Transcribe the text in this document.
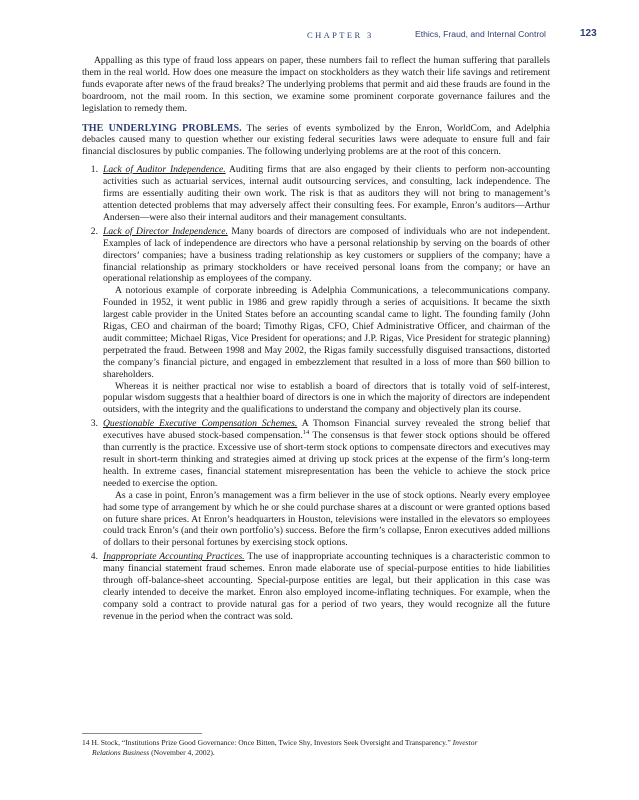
CHAPTER 3	Ethics, Fraud, and Internal Control	123

Appalling as this type of fraud loss appears on paper, these numbers fail to reflect the human suffering that parallels them in the real world. How does one measure the impact on stockholders as they watch their life savings and retirement funds evaporate after news of the fraud breaks? The underlying problems that permit and aid these frauds are found in the boardroom, not the mail room. In this section, we examine some prominent corporate governance failures and the legislation to remedy them.

THE UNDERLYING PROBLEMS. The series of events symbolized by the Enron, WorldCom, and Adelphia debacles caused many to question whether our existing federal securities laws were adequate to ensure full and fair financial disclosures by public companies. The following underlying problems are at the root of this concern.

1. Lack of Auditor Independence. Auditing firms that are also engaged by their clients to perform non-accounting activities such as actuarial services, internal audit outsourcing services, and consulting, lack independence. The firms are essentially auditing their own work. The risk is that as auditors they will not bring to management’s attention detected problems that may adversely affect their consulting fees. For example, Enron’s auditors—Arthur Andersen—were also their internal auditors and their management consultants.
2. Lack of Director Independence. Many boards of directors are composed of individuals who are not independent. Examples of lack of independence are directors who have a personal relationship by serving on the boards of other directors’ companies; have a business trading relationship as key customers or suppliers of the company; have a financial relationship as primary stockholders or have received personal loans from the company; or have an operational relationship as employees of the company.

A notorious example of corporate inbreeding is Adelphia Communications, a telecommunications company. Founded in 1952, it went public in 1986 and grew rapidly through a series of acquisitions. It became the sixth largest cable provider in the United States before an accounting scandal came to light. The founding family (John Rigas, CEO and chairman of the board; Timothy Rigas, CFO, Chief Administrative Officer, and chairman of the audit committee; Michael Rigas, Vice President for operations; and J.P. Rigas, Vice President for strategic planning) perpetrated the fraud. Between 1998 and May 2002, the Rigas family successfully disguised transactions, distorted the company’s financial picture, and engaged in embezzlement that resulted in a loss of more than $60 billion to shareholders.

Whereas it is neither practical nor wise to establish a board of directors that is totally void of self-interest, popular wisdom suggests that a healthier board of directors is one in which the majority of directors are independent outsiders, with the integrity and the qualifications to understand the company and objectively plan its course.

3. Questionable Executive Compensation Schemes. A Thomson Financial survey revealed the strong belief that executives have abused stock-based compensation.$^{14}$ The consensus is that fewer stock options should be offered than currently is the practice. Excessive use of short-term stock options to compensate directors and executives may result in short-term thinking and strategies aimed at driving up stock prices at the expense of the firm’s long-term health. In extreme cases, financial statement misrepresentation has been the vehicle to achieve the stock price needed to exercise the option.

As a case in point, Enron’s management was a firm believer in the use of stock options. Nearly every employee had some type of arrangement by which he or she could purchase shares at a discount or were granted options based on future share prices. At Enron’s headquarters in Houston, televisions were installed in the elevators so employees could track Enron’s (and their own portfolio’s) success. Before the firm’s collapse, Enron executives added millions of dollars to their personal fortunes by exercising stock options.

4. Inappropriate Accounting Practices. The use of inappropriate accounting techniques is a characteristic common to many financial statement fraud schemes. Enron made elaborate use of special-purpose entities to hide liabilities through off-balance-sheet accounting. Special-purpose entities are legal, but their application in this case was clearly intended to deceive the market. Enron also employed income-inflating techniques. For example, when the company sold a contract to provide natural gas for a period of two years, they would recognize all the future revenue in the period when the contract was sold.
14 H. Stock, “Institutions Prize Good Governance: Once Bitten, Twice Shy, Investors Seek Oversight and Transparency.” Investor
Relations Business (November 4, 2002).
